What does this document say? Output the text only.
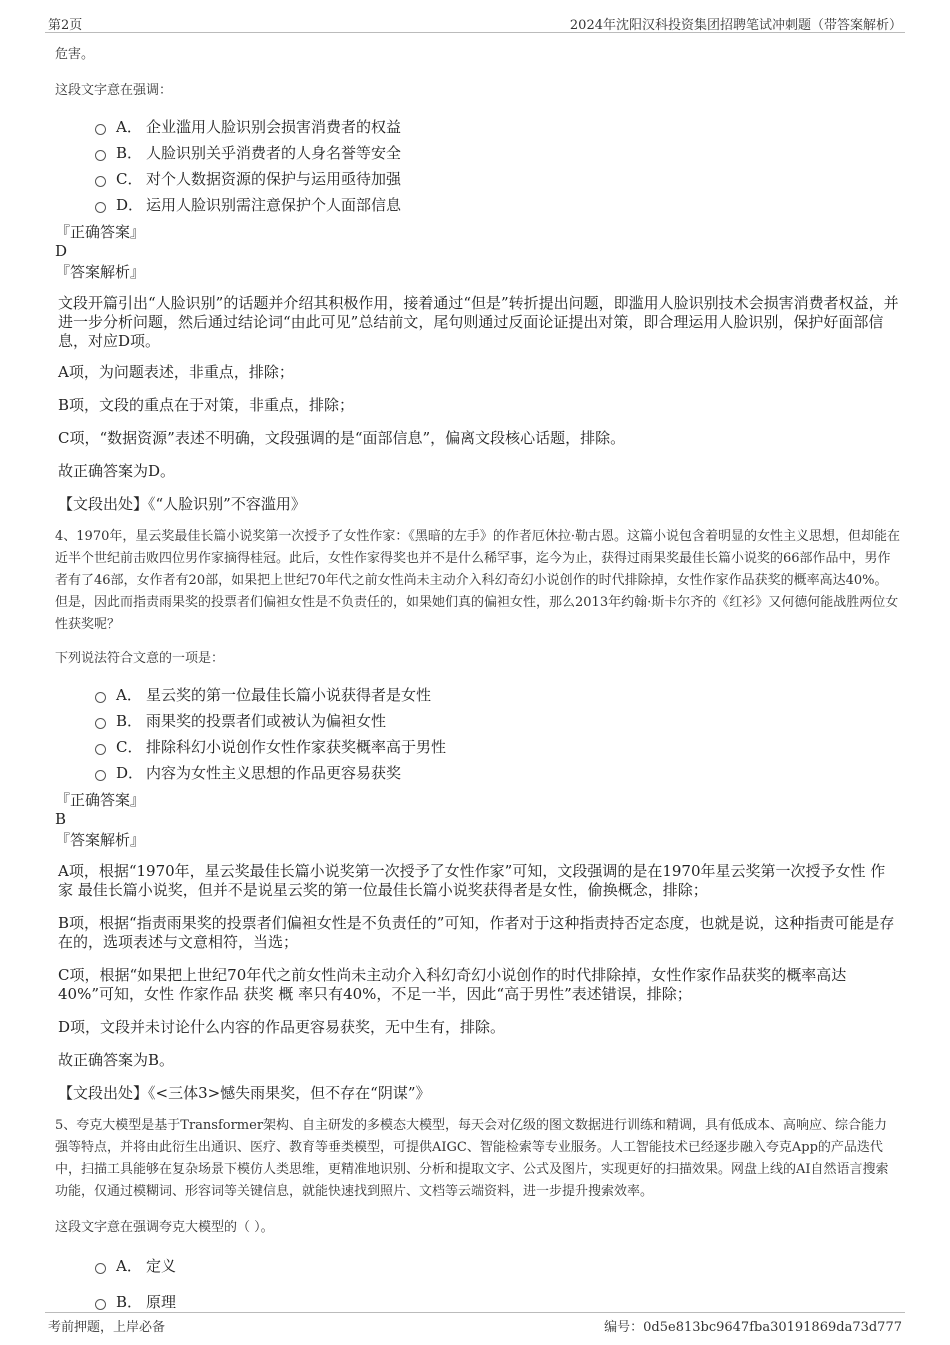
第2页	2024年沈阳汉科投资集团招聘笔试冲刺题（带答案解析）

危害。

这段文字意在强调：

A． 企业滥用人脸识别会损害消费者的权益
B． 人脸识别关乎消费者的人身名誉等安全
C． 对个人数据资源的保护与运用亟待加强
D． 运用人脸识别需注意保护个人面部信息
『正确答案』
D
『答案解析』

文段开篇引出“人脸识别”的话题并介绍其积极作用，接着通过“但是”转折提出问题，即滥用人脸识别技术会损害消费者权益，并进一步分析问题，然后通过结论词“由此可见”总结前文，尾句则通过反面论证提出对策，即合理运用人脸识别，保护好面部信息，对应D项。

A项，为问题表述，非重点，排除；

B项，文段的重点在于对策，非重点，排除；

C项，“数据资源”表述不明确，文段强调的是“面部信息”，偏离文段核心话题，排除。

故正确答案为D。

【文段出处】《“人脸识别”不容滥用》

4、1970年，星云奖最佳长篇小说奖第一次授予了女性作家：《黑暗的左手》的作者厄休拉·勒古恩。这篇小说包含着明显的女性主义思想，但却能在近半个世纪前击败四位男作家摘得桂冠。此后，女性作家得奖也并不是什么稀罕事，迄今为止，获得过雨果奖最佳长篇小说奖的66部作品中，男作者有了46部，女作者有20部，如果把上世纪70年代之前女性尚未主动介入科幻奇幻小说创作的时代排除掉，女性作家作品获奖的概率高达40%。但是，因此而指责雨果奖的投票者们偏袒女性是不负责任的，如果她们真的偏袒女性，那么2013年约翰·斯卡尔齐的《红衫》又何德何能战胜两位女性获奖呢？

下列说法符合文意的一项是：

A． 星云奖的第一位最佳长篇小说获得者是女性
B． 雨果奖的投票者们或被认为偏袒女性
C． 排除科幻小说创作女性作家获奖概率高于男性
D． 内容为女性主义思想的作品更容易获奖
『正确答案』
B
『答案解析』

A项，根据“1970年，星云奖最佳长篇小说奖第一次授予了女性作家”可知，文段强调的是在1970年星云奖第一次授予女性 作家 最佳长篇小说奖，但并不是说星云奖的第一位最佳长篇小说奖获得者是女性，偷换概念，排除；

B项，根据“指责雨果奖的投票者们偏袒女性是不负责任的”可知，作者对于这种指责持否定态度，也就是说，这种指责可能是存在的，选项表述与文意相符，当选；

C项，根据“如果把上世纪70年代之前女性尚未主动介入科幻奇幻小说创作的时代排除掉，女性作家作品获奖的概率高达40%”可知，女性 作家作品 获奖 概 率只有40%，不足一半，因此“高于男性”表述错误，排除；

D项，文段并未讨论什么内容的作品更容易获奖，无中生有，排除。

故正确答案为B。

【文段出处】《<三体3>憾失雨果奖，但不存在“阴谋”》

5、夸克大模型是基于Transformer架构、自主研发的多模态大模型，每天会对亿级的图文数据进行训练和精调，具有低成本、高响应、综合能力强等特点，并将由此衍生出通识、医疗、教育等垂类模型，可提供AIGC、智能检索等专业服务。人工智能技术已经逐步融入夸克App的产品迭代中，扫描工具能够在复杂场景下模仿人类思维，更精准地识别、分析和提取文字、公式及图片，实现更好的扫描效果。网盘上线的AI自然语言搜索功能，仅通过模糊词、形容词等关键信息，就能快速找到照片、文档等云端资料，进一步提升搜索效率。

这段文字意在强调夸克大模型的（ ）。

A． 定义
B． 原理
考前押题，上岸必备	编号：0d5e813bc9647fba30191869da73d777
